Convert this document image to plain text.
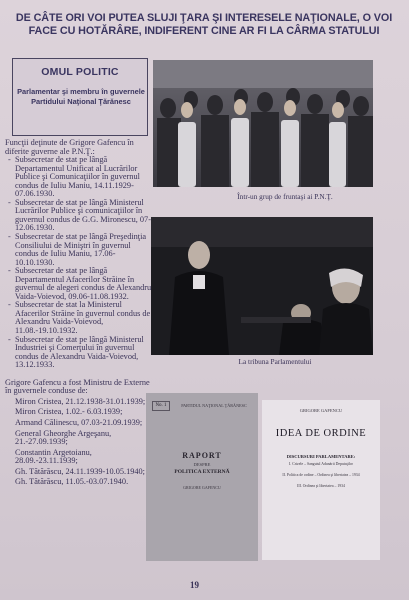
DE CÂTE ORI VOI PUTEA SLUJI ŢARA ŞI INTERESELE NAŢIONALE, O VOI FACE CU HOTĂRÂRE, INDIFERENT CINE AR FI LA CÂRMA STATULUI
OMUL POLITIC
Parlamentar şi membru în guvernele Partidului Naţional Ţărănesc
Funcţii deţinute de Grigore Gafencu în diferite guverne ale P.N.Ţ.:
- Subsecretar de stat pe lângă Departamentul Unificat al Lucrărilor Publice şi Comunicaţiilor în guvernul condus de Iuliu Maniu, 14.11.1929-07.06.1930.
- Subsecretar de stat pe lângă Ministerul Lucrărilor Publice şi comunicaţiilor în guvernul condus de G.G. Mironescu, 07-12.06.1930.
- Subsecretar de stat pe lângă Preşedinţia Consiliului de Miniştri în guvernul condus de Iuliu Maniu, 17.06-10.10.1930.
- Subsecretar de stat pe lângă Departamentul Afacerilor Străine în guvernul de alegeri condus de Alexandru Vaida-Voievod, 09.06-11.08.1932.
- Subsecretar de stat la Ministerul Afacerilor Străine în guvernul condus de Alexandru Vaida-Voievod, 11.08.-19.10.1932.
- Subsecretar de stat pe lângă Ministerul Industriei şi Comerţului în guvernul condus de Alexandru Vaida-Voievod, 13.12.1933.
Grigore Gafencu a fost Ministru de Externe în guvernele conduse de:
Miron Cristea, 21.12.1938-31.01.1939;
Miron Cristea, 1.02.- 6.03.1939;
Armand Călinescu, 07.03-21.09.1939;
General Gheorghe Argeşanu, 21.-27.09.1939;
Constantin Argetoianu, 28.09.-23.11.1939;
Gh. Tătărăscu, 24.11.1939-10.05.1940;
Gh. Tătărăscu, 11.05.-03.07.1940.
Într-un grup de fruntaşi ai P.N.Ţ.
La tribuna Parlamentului
No. 1	PARTIDUL NAŢIONAL ŢĂRĂNESC
RAPORT
DESPRE
POLITICA EXTERNĂ
GRIGORE GAFENCU
GRIGORE GAFENCU
IDEA DE ORDINE
DISCURSURI PARLAMENTARE:
I. Crizele – Sanguiul Adunării Deputaţilor
II. Politica de ordine – Ordinea şi libertatea – 1934
III. Ordinea şi libertatea – 1934
19
